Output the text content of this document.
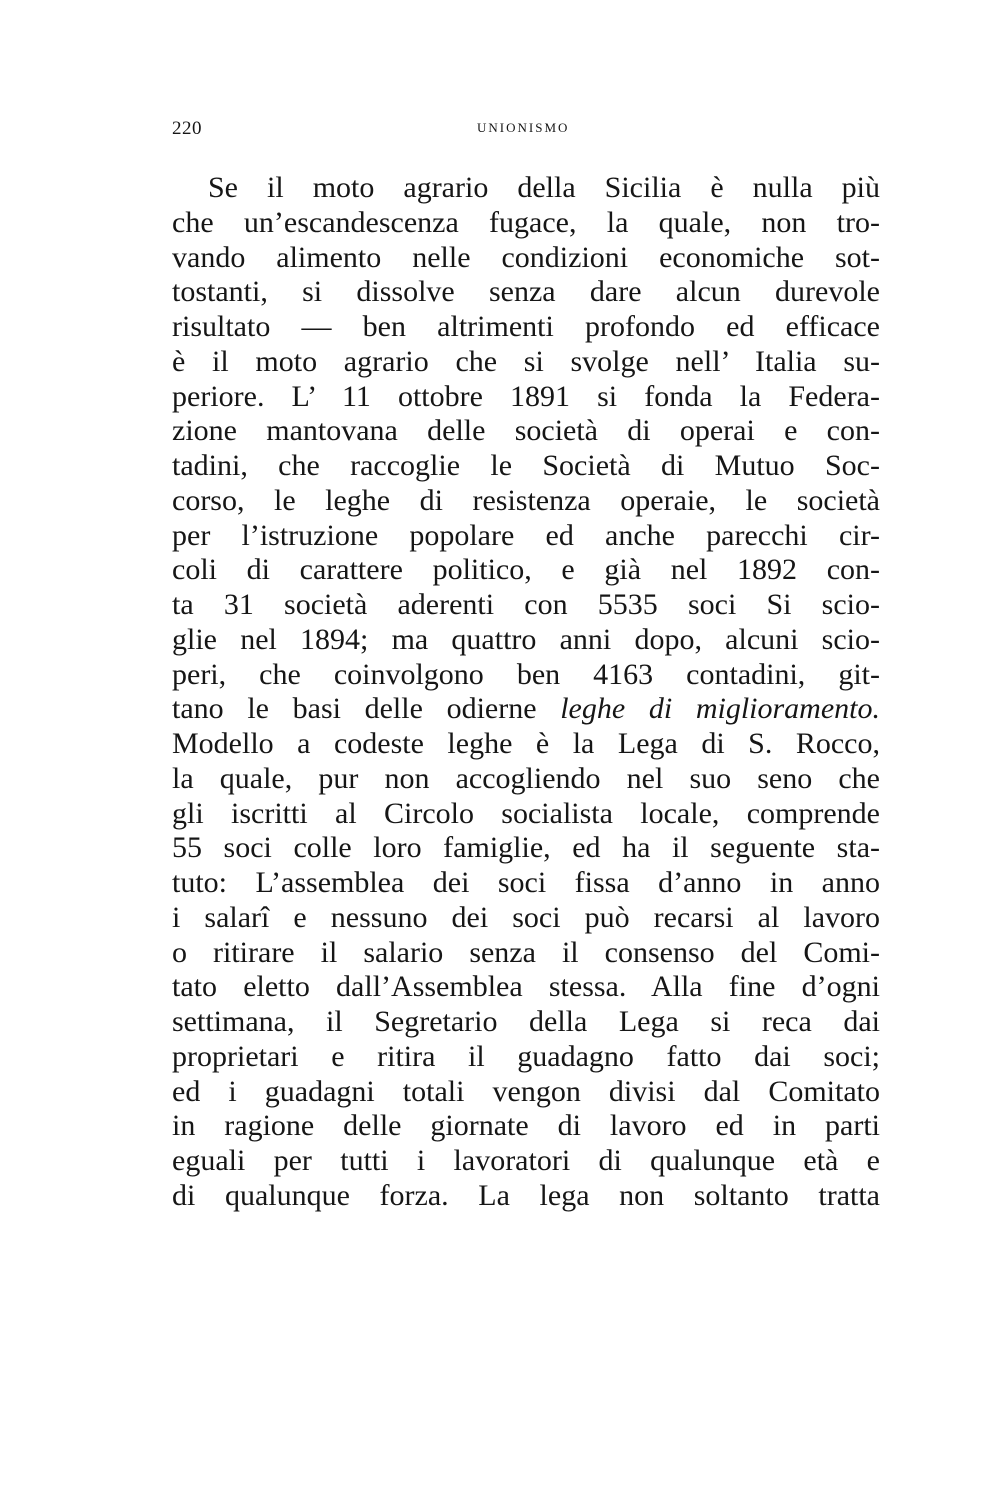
220	UNIONISMO
Se il moto agrario della Sicilia è nulla più
che un’escandescenza fugace, la quale, non tro-
vando alimento nelle condizioni economiche sot-
tostanti, si dissolve senza dare alcun durevole
risultato — ben altrimenti profondo ed efficace
è il moto agrario che si svolge nell’ Italia su-
periore. L’ 11 ottobre 1891 si fonda la Federa-
zione mantovana delle società di operai e con-
tadini, che raccoglie le Società di Mutuo Soc-
corso, le leghe di resistenza operaie, le società
per l’istruzione popolare ed anche parecchi cir-
coli di carattere politico, e già nel 1892 con-
ta 31 società aderenti con 5535 soci Si scio-
glie nel 1894; ma quattro anni dopo, alcuni scio-
peri, che coinvolgono ben 4163 contadini, git-
tano le basi delle odierne leghe di miglioramento.
Modello a codeste leghe è la Lega di S. Rocco,
la quale, pur non accogliendo nel suo seno che
gli iscritti al Circolo socialista locale, comprende
55 soci colle loro famiglie, ed ha il seguente sta-
tuto: L’assemblea dei soci fissa d’anno in anno
i salarî e nessuno dei soci può recarsi al lavoro
o ritirare il salario senza il consenso del Comi-
tato eletto dall’Assemblea stessa. Alla fine d’ogni
settimana, il Segretario della Lega si reca dai
proprietari e ritira il guadagno fatto dai soci;
ed i guadagni totali vengon divisi dal Comitato
in ragione delle giornate di lavoro ed in parti
eguali per tutti i lavoratori di qualunque età e
di qualunque forza. La lega non soltanto tratta
